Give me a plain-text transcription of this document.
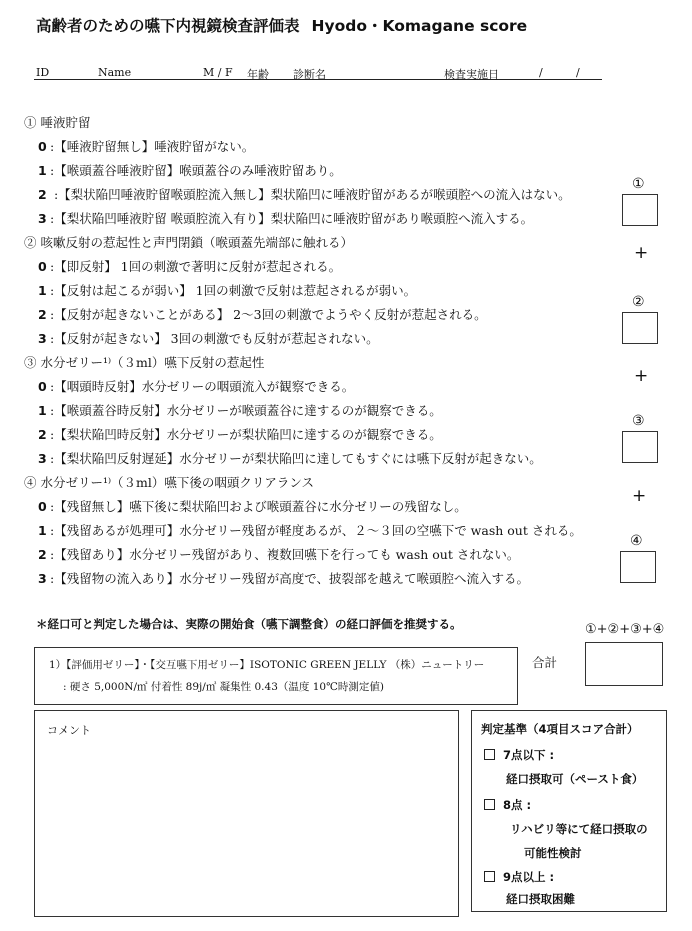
高齢者のための嚥下内視鏡検査評価表 Hyodo・Komagane score
ID	Name	M / F 年齢 診断名	検査実施日	/	/
① 唾液貯留
0 :【唾液貯留無し】唾液貯留がない。
1 :【喉頭蓋谷唾液貯留】喉頭蓋谷のみ唾液貯留あり。
2 :【梨状陥凹唾液貯留喉頭腔流入無し】梨状陥凹に唾液貯留があるが喉頭腔への流入はない。
3 :【梨状陥凹唾液貯留 喉頭腔流入有り】梨状陥凹に唾液貯留があり喉頭腔へ流入する。
② 咳嗽反射の惹起性と声門閉鎖（喉頭蓋先端部に触れる）
0 :【即反射】 1回の刺激で著明に反射が惹起される。
1 :【反射は起こるが弱い】 1回の刺激で反射は惹起されるが弱い。
2 :【反射が起きないことがある】 2～3回の刺激でようやく反射が惹起される。
3 :【反射が起きない】 3回の刺激でも反射が惹起されない。
③ 水分ゼリー¹⁾（３ml）嚥下反射の惹起性
0 :【咽頭時反射】水分ゼリーの咽頭流入が観察できる。
1 :【喉頭蓋谷時反射】水分ゼリーが喉頭蓋谷に達するのが観察できる。
2 :【梨状陥凹時反射】水分ゼリーが梨状陥凹に達するのが観察できる。
3 :【梨状陥凹反射遅延】水分ゼリーが梨状陥凹に達してもすぐには嚥下反射が起きない。
④ 水分ゼリー¹⁾（３ml）嚥下後の咽頭クリアランス
0 :【残留無し】嚥下後に梨状陥凹および喉頭蓋谷に水分ゼリーの残留なし。
1 :【残留あるが処理可】水分ゼリー残留が軽度あるが、２～３回の空嚥下で wash out される。
2 :【残留あり】水分ゼリー残留があり、複数回嚥下を行っても wash out されない。
3 :【残留物の流入あり】水分ゼリー残留が高度で、披裂部を越えて喉頭腔へ流入する。
①
+
②
+
③
+
④
＊経口可と判定した場合は、実際の開始食（嚥下調整食）の経口評価を推奨する。	①+②+③+④
合計
1）【評価用ゼリー】・【交互嚥下用ゼリー】ISOTONIC GREEN JELLY （株）ニュートリー
: 硬さ 5,000N/㎡ 付着性 89j/㎥ 凝集性 0.43（温度 10℃時測定値)
コメント	判定基準（4項目スコア合計）
7点以下 :
経口摂取可（ペースト食）
8点 :
リハビリ等にて経口摂取の
可能性検討
9点以上 :
経口摂取困難
